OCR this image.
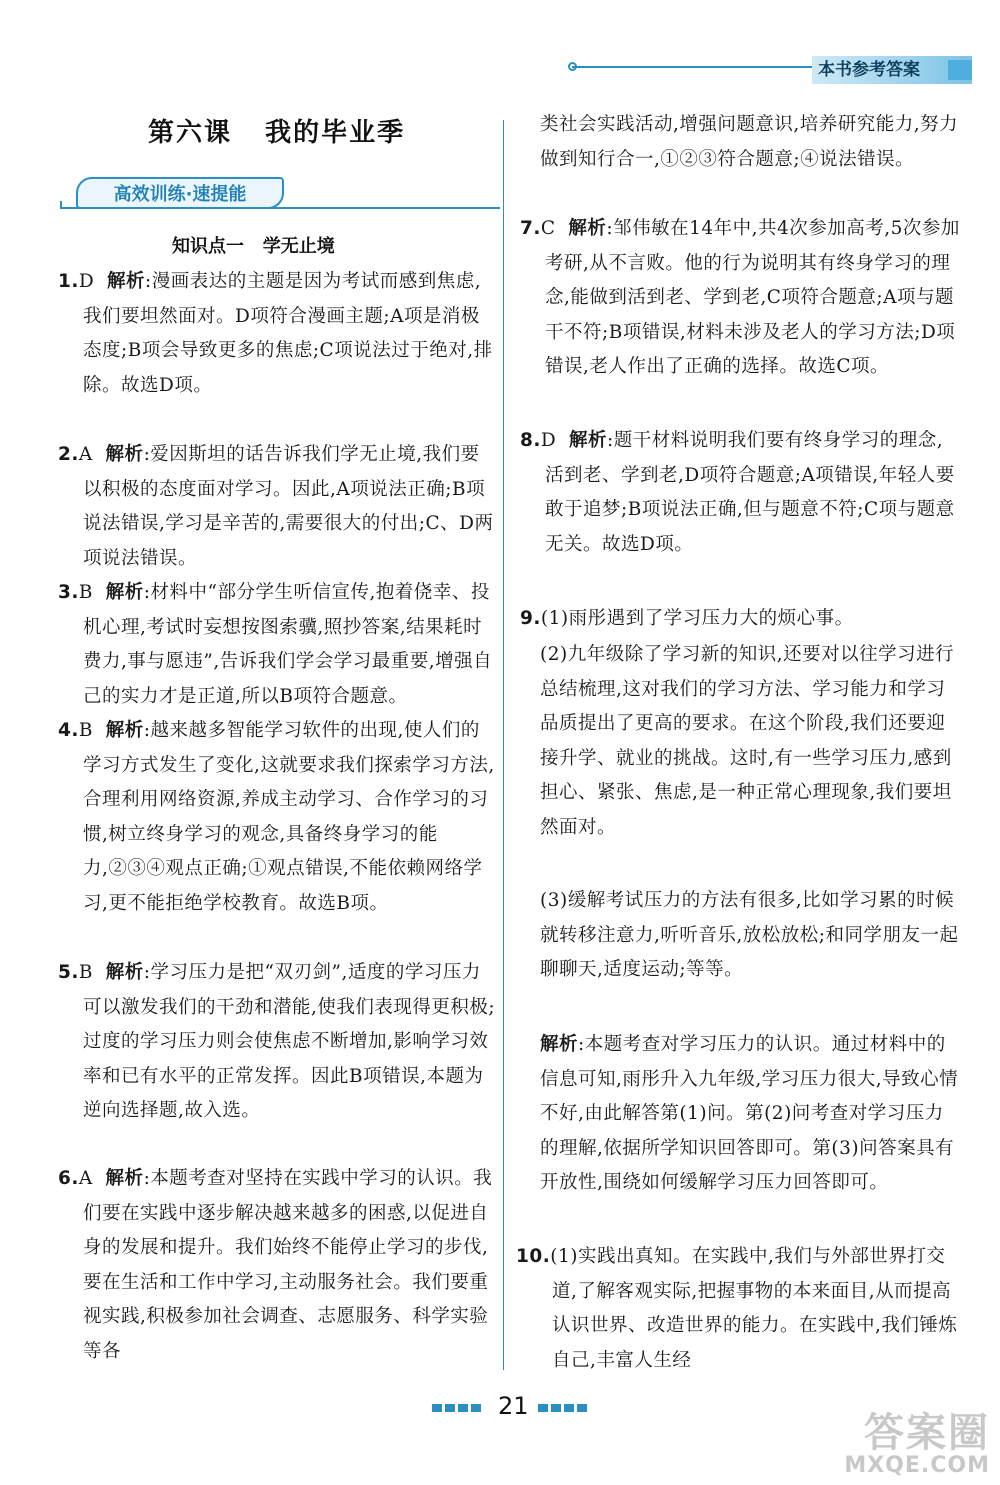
本书参考答案
第六课   我的毕业季
高效训练·速提能
知识点一   学无止境
1.D 解析:漫画表达的主题是因为考试而感到焦虑,我们要坦然面对。D项符合漫画主题;A项是消极态度;B项会导致更多的焦虑;C项说法过于绝对,排除。故选D项。
2.A 解析:爱因斯坦的话告诉我们学无止境,我们要以积极的态度面对学习。因此,A项说法正确;B项说法错误,学习是辛苦的,需要很大的付出;C、D两项说法错误。
3.B 解析:材料中“部分学生听信宣传,抱着侥幸、投机心理,考试时妄想按图索骥,照抄答案,结果耗时费力,事与愿违”,告诉我们学会学习最重要,增强自己的实力才是正道,所以B项符合题意。
4.B 解析:越来越多智能学习软件的出现,使人们的学习方式发生了变化,这就要求我们探索学习方法,合理利用网络资源,养成主动学习、合作学习的习惯,树立终身学习的观念,具备终身学习的能力,②③④观点正确;①观点错误,不能依赖网络学习,更不能拒绝学校教育。故选B项。
5.B 解析:学习压力是把“双刃剑”,适度的学习压力可以激发我们的干劲和潜能,使我们表现得更积极;过度的学习压力则会使焦虑不断增加,影响学习效率和已有水平的正常发挥。因此B项错误,本题为逆向选择题,故入选。
6.A 解析:本题考查对坚持在实践中学习的认识。我们要在实践中逐步解决越来越多的困惑,以促进自身的发展和提升。我们始终不能停止学习的步伐,要在生活和工作中学习,主动服务社会。我们要重视实践,积极参加社会调查、志愿服务、科学实验等各
类社会实践活动,增强问题意识,培养研究能力,努力做到知行合一,①②③符合题意;④说法错误。
7.C 解析:邹伟敏在14年中,共4次参加高考,5次参加考研,从不言败。他的行为说明其有终身学习的理念,能做到活到老、学到老,C项符合题意;A项与题干不符;B项错误,材料未涉及老人的学习方法;D项错误,老人作出了正确的选择。故选C项。
8.D 解析:题干材料说明我们要有终身学习的理念,活到老、学到老,D项符合题意;A项错误,年轻人要敢于追梦;B项说法正确,但与题意不符;C项与题意无关。故选D项。
9.(1)雨彤遇到了学习压力大的烦心事。
(2)九年级除了学习新的知识,还要对以往学习进行总结梳理,这对我们的学习方法、学习能力和学习品质提出了更高的要求。在这个阶段,我们还要迎接升学、就业的挑战。这时,有一些学习压力,感到担心、紧张、焦虑,是一种正常心理现象,我们要坦然面对。
(3)缓解考试压力的方法有很多,比如学习累的时候就转移注意力,听听音乐,放松放松;和同学朋友一起聊聊天,适度运动;等等。
解析:本题考查对学习压力的认识。通过材料中的信息可知,雨彤升入九年级,学习压力很大,导致心情不好,由此解答第(1)问。第(2)问考查对学习压力的理解,依据所学知识回答即可。第(3)问答案具有开放性,围绕如何缓解学习压力回答即可。
10.(1)实践出真知。在实践中,我们与外部世界打交道,了解客观实际,把握事物的本来面目,从而提高认识世界、改造世界的能力。在实践中,我们锤炼自己,丰富人生经
21
答案圈
MXQE.COM
